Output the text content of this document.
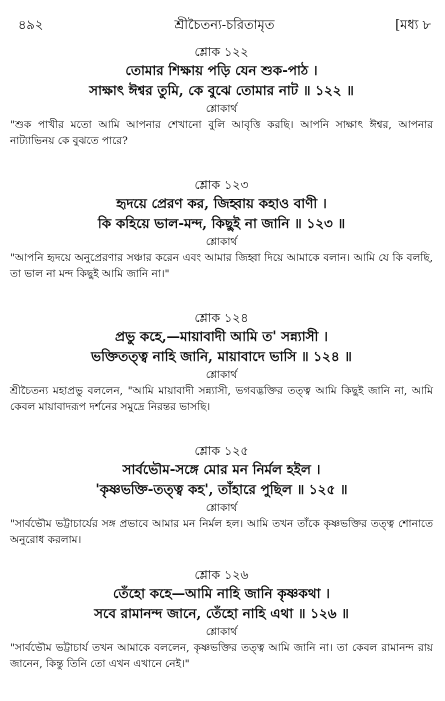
৪৯২	শ্রীচৈতন্য-চরিতামৃত	[মধ্য ৮
শ্লোক ১২২
তোমার শিক্ষায় পড়ি যেন শুক-পাঠ ।
সাক্ষাৎ ঈশ্বর তুমি, কে বুঝে তোমার নাট ॥ ১২২ ॥
শ্লোকার্থ
"শুক পাখীর মতো আমি আপনার শেখানো বুলি আবৃত্তি করছি। আপনি সাক্ষাৎ ঈশ্বর, আপনার নাট্যাভিনয় কে বুঝতে পারে?
শ্লোক ১২৩
হৃদয়ে প্রেরণ কর, জিহ্বায় কহাও বাণী ।
কি কহিয়ে ভাল-মন্দ, কিছুই না জানি ॥ ১২৩ ॥
শ্লোকার্থ
"আপনি হৃদয়ে অনুপ্রেরণার সঞ্চার করেন এবং আমার জিহ্বা দিয়ে আমাকে বলান। আমি যে কি বলছি, তা ভাল না মন্দ কিছুই আমি জানি না।"
শ্লোক ১২৪
প্রভু কহে,—মায়াবাদী আমি ত' সন্ন্যাসী ।
ভক্তিতত্ত্ব নাহি জানি, মায়াবাদে ভাসি ॥ ১২৪ ॥
শ্লোকার্থ
শ্রীচৈতন্য মহাপ্রভু বললেন, "আমি মায়াবাদী সন্ন্যাসী, ভগবদ্ভক্তির তত্ত্ব আমি কিছুই জানি না, আমি কেবল মায়াবাদরূপ দর্শনের সমুদ্রে নিরন্তর ভাসছি।
শ্লোক ১২৫
সার্বভৌম-সঙ্গে মোর মন নির্মল হইল ।
'কৃষ্ণভক্তি-তত্ত্ব কহ', তাঁহারে পুছিল ॥ ১২৫ ॥
শ্লোকার্থ
"সার্বভৌম ভট্টাচার্যের সঙ্গ প্রভাবে আমার মন নির্মল হল। আমি তখন তাঁকে কৃষ্ণভক্তির তত্ত্ব শোনাতে অনুরোধ করলাম।
শ্লোক ১২৬
তেঁহো কহে—আমি নাহি জানি কৃষ্ণকথা ।
সবে রামানন্দ জানে, তেঁহো নাহি এথা ॥ ১২৬ ॥
শ্লোকার্থ
"সার্বভৌম ভট্টাচার্য তখন আমাকে বললেন, কৃষ্ণভক্তির তত্ত্ব আমি জানি না। তা কেবল রামানন্দ রায় জানেন, কিন্তু তিনি তো এখন এখানে নেই।"
